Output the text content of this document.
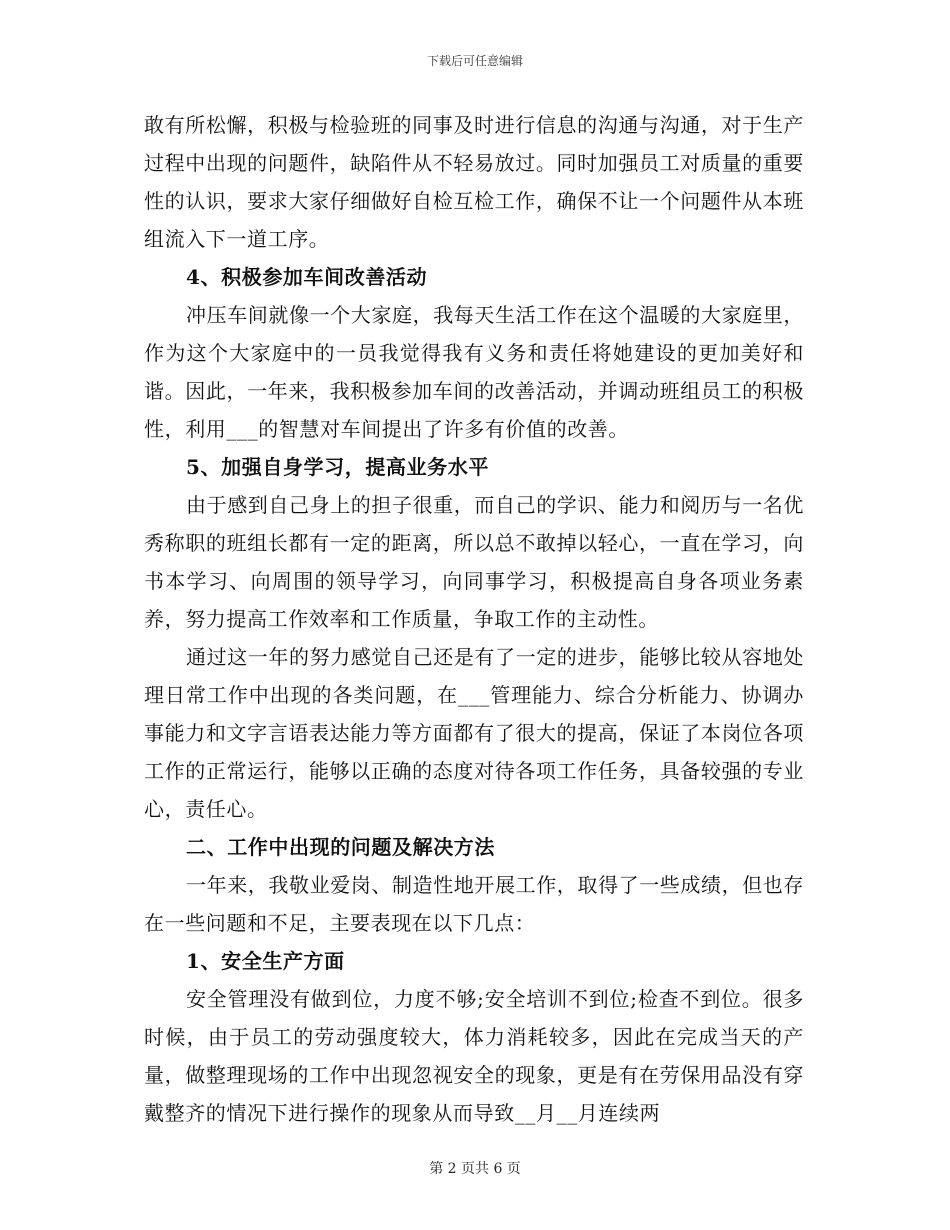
下载后可任意编辑

敢有所松懈，积极与检验班的同事及时进行信息的沟通与沟通，对于生产过程中出现的问题件，缺陷件从不轻易放过。同时加强员工对质量的重要性的认识，要求大家仔细做好自检互检工作，确保不让一个问题件从本班组流入下一道工序。

4、积极参加车间改善活动

冲压车间就像一个大家庭，我每天生活工作在这个温暖的大家庭里，作为这个大家庭中的一员我觉得我有义务和责任将她建设的更加美好和谐。因此，一年来，我积极参加车间的改善活动，并调动班组员工的积极性，利用___的智慧对车间提出了许多有价值的改善。

5、加强自身学习，提高业务水平

由于感到自己身上的担子很重，而自己的学识、能力和阅历与一名优秀称职的班组长都有一定的距离，所以总不敢掉以轻心，一直在学习，向书本学习、向周围的领导学习，向同事学习，积极提高自身各项业务素养，努力提高工作效率和工作质量，争取工作的主动性。

通过这一年的努力感觉自己还是有了一定的进步，能够比较从容地处理日常工作中出现的各类问题，在___管理能力、综合分析能力、协调办事能力和文字言语表达能力等方面都有了很大的提高，保证了本岗位各项工作的正常运行，能够以正确的态度对待各项工作任务，具备较强的专业心，责任心。

二、工作中出现的问题及解决方法

一年来，我敬业爱岗、制造性地开展工作，取得了一些成绩，但也存在一些问题和不足，主要表现在以下几点：

1、安全生产方面

安全管理没有做到位，力度不够;安全培训不到位;检查不到位。很多时候，由于员工的劳动强度较大，体力消耗较多，因此在完成当天的产量，做整理现场的工作中出现忽视安全的现象，更是有在劳保用品没有穿戴整齐的情况下进行操作的现象从而导致__月__月连续两

第 2 页共 6 页
